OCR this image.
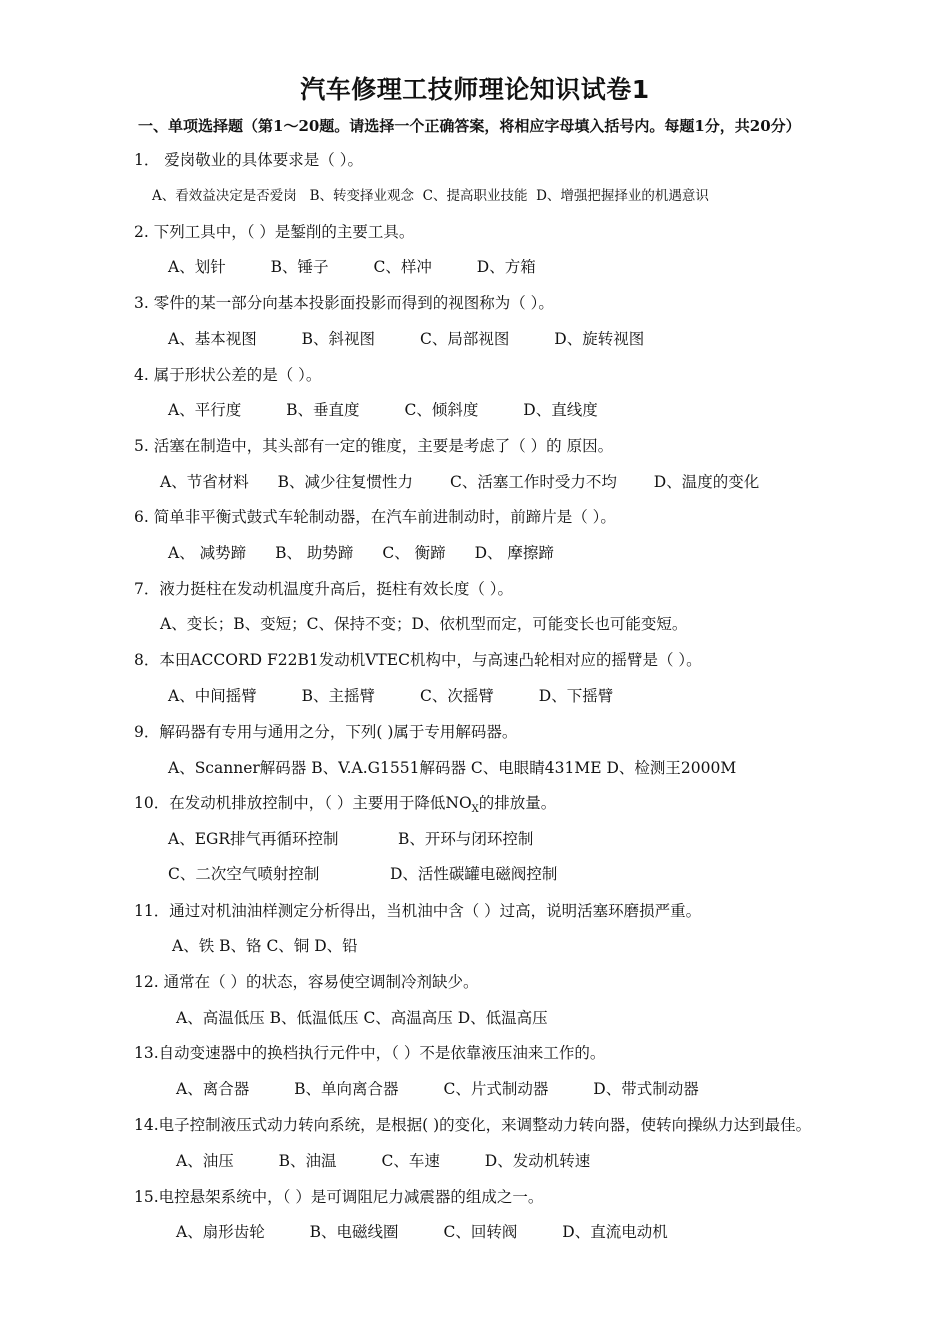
汽车修理工技师理论知识试卷1
一、单项选择题（第1～20题。请选择一个正确答案，将相应字母填入括号内。每题1分，共20分）
1． 爱岗敬业的具体要求是（ ）。
A、看效益决定是否爱岗 B、转变择业观念 C、提高职业技能 D、增强把握择业的机遇意识
2. 下列工具中，（ ）是錾削的主要工具。
A、划针	B、锤子	C、样冲	D、方箱
3. 零件的某一部分向基本投影面投影而得到的视图称为（ ）。
A、基本视图	B、斜视图	C、局部视图	D、旋转视图
4. 属于形状公差的是（ ）。
A、平行度	B、垂直度	C、倾斜度	D、直线度
5. 活塞在制造中，其头部有一定的锥度，主要是考虑了（ ）的 原因。
A、节省材料 B、减少往复惯性力 C、活塞工作时受力不均 D、温度的变化
6. 简单非平衡式鼓式车轮制动器，在汽车前进制动时，前蹄片是（ ）。
A、 减势蹄 B、 助势蹄 C、 衡蹄 D、 摩擦蹄
7．液力挺柱在发动机温度升高后，挺柱有效长度（ ）。
A、变长；B、变短；C、保持不变；D、依机型而定，可能变长也可能变短。
8．本田ACCORD F22B1发动机VTEC机构中，与高速凸轮相对应的摇臂是（ ）。
A、中间摇臂	B、主摇臂	C、次摇臂	D、下摇臂
9．解码器有专用与通用之分，下列( )属于专用解码器。
A、Scanner解码器 B、V.A.G1551解码器 C、电眼睛431ME D、检测王2000M
10．在发动机排放控制中，（ ）主要用于降低$NO_X$的排放量。
A、EGR排气再循环控制	B、开环与闭环控制
C、二次空气喷射控制	D、活性碳罐电磁阀控制
11．通过对机油油样测定分析得出，当机油中含（ ）过高，说明活塞环磨损严重。
A、铁 B、铬 C、铜 D、铅
12. 通常在（ ）的状态，容易使空调制冷剂缺少。
A、高温低压 B、低温低压 C、高温高压 D、低温高压
13.自动变速器中的换档执行元件中，（ ）不是依靠液压油来工作的。
A、离合器	B、单向离合器	C、片式制动器	D、带式制动器
14.电子控制液压式动力转向系统，是根据( )的变化，来调整动力转向器，使转向操纵力达到最佳。
A、油压	B、油温	C、车速	D、发动机转速
15.电控悬架系统中，（ ）是可调阻尼力减震器的组成之一。
A、扇形齿轮	B、电磁线圈	C、回转阀	D、直流电动机
